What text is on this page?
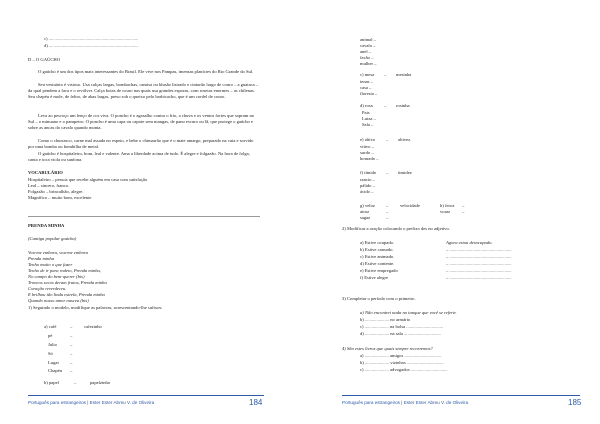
c) ..............................................................................
d) ..............................................................................
D – O GAÚCHO
O gaúcho é um dos tipos mais interessantes do Brasil. Ele vive nos Pampas, imensas planícies do Rio Grande do Sul.
Seu vestuário é vistoso. Usa calças largas, bombachas, camisa ou blusão listrado e cinturão largo de couro – a guaiaca – da qual pendem a faca e o revólver. Calça botas de couro nas quais usa grandes esporas, com rosetas enormes – as chilenas. Seu chapéu é mole, de feltro, de abas largas, preso sob o queixo pelo barbicacho, que é um cordel de couro.
Leva ao pescoço um lenço de cor viva. O poncho é o agasalho contra o frio, a chuva e os ventos fortes que sopram no Sul – o minuano e o pampeiro. O poncho é uma capa ou capote sem mangas, de pano escuro ou lã, que protege o gaúcho e sobre as ancas do cavalo quando monta.
Como o churrasco, carne mal assada no espeto, e bebe o chimarrão que é o mate amargo, preparado na cuia e sorvido por uma bomba ou bombilha de metal.
O gaúcho é hospitaleiro, bom, leal e valente. Ama a liberdade acima de tudo. É alegre e folgazão. Na hora de folga, canta e toca viola ou sanfona.
VOCABULÁRIO
Hospitaleiro – pessoa que recebe alguém em casa com satisfação
Leal – sincero, franco.
Folgazão – brincalhão, alegre.
Magnífico – muito bom, excelente
PRENDA MINHA
(Cantiga popular gaúcha)
Vou-me embora, vou-me embora
Prenda minha
Tenho muito o que fazer
Tenho de ir para rodeio, Prenda minha,
No campo do bem-querer (bis)
Troncos secos deram frutos, Prenda minha
Coração reverdeceu.
E brilhou tão linda estrela, Prenda minha
Quando nosso amor nasceu (bis)
1) Seguindo o modelo, modifique as palavras, acrescentando-lhe sufixos:
a) café	–	cafezinho
pé	–
Julio	–
Só	–
Lugar –
Chapéu –
b) papel	–	papelzinho
Português para estrangeiros | Ester Ester Abreu V. de Oliveira	184
animal –
cavalo –
anel –
facão –
mulher –
c) mesa – mesinha
tenas –
casa –
floresta –
d) rosa – rosinha
Pais
Luiza –
Sala –
e) altivo – altivez
viúvo –
surdo –
honrado –
f) tímido – timidez
rancio –
pálido –
ácido –
g) veloz –	velocidade	h) feroz –
atroz	–	voraz	–
sagaz	–
2) Modificar a oração colocando o prefixo des no adjetivo.
a) Estive ocupado.	Agora estou desocupado.
b) Estive cansado.	– ......................................................
c) Estive animado.	– ......................................................
d) Estive contente.	– ......................................................
e) Estive empregado	– ......................................................
f) Estive alegre	– ......................................................
3) Completar o período com o primeiro.
a) Não encontrei nada no tanque que você se referir.
b) ..................... no armário
c) ..................... na bolsa ................................
d) ..................... na sala ................................
4) São estes livros que quais sempre recorremos?
a) ..................... amigos ................................
b) ..................... vizinhos ................................
c) ..................... advogados ................................
Português para estrangeiros | Ester Ester Abreu V. de Oliveira	185
